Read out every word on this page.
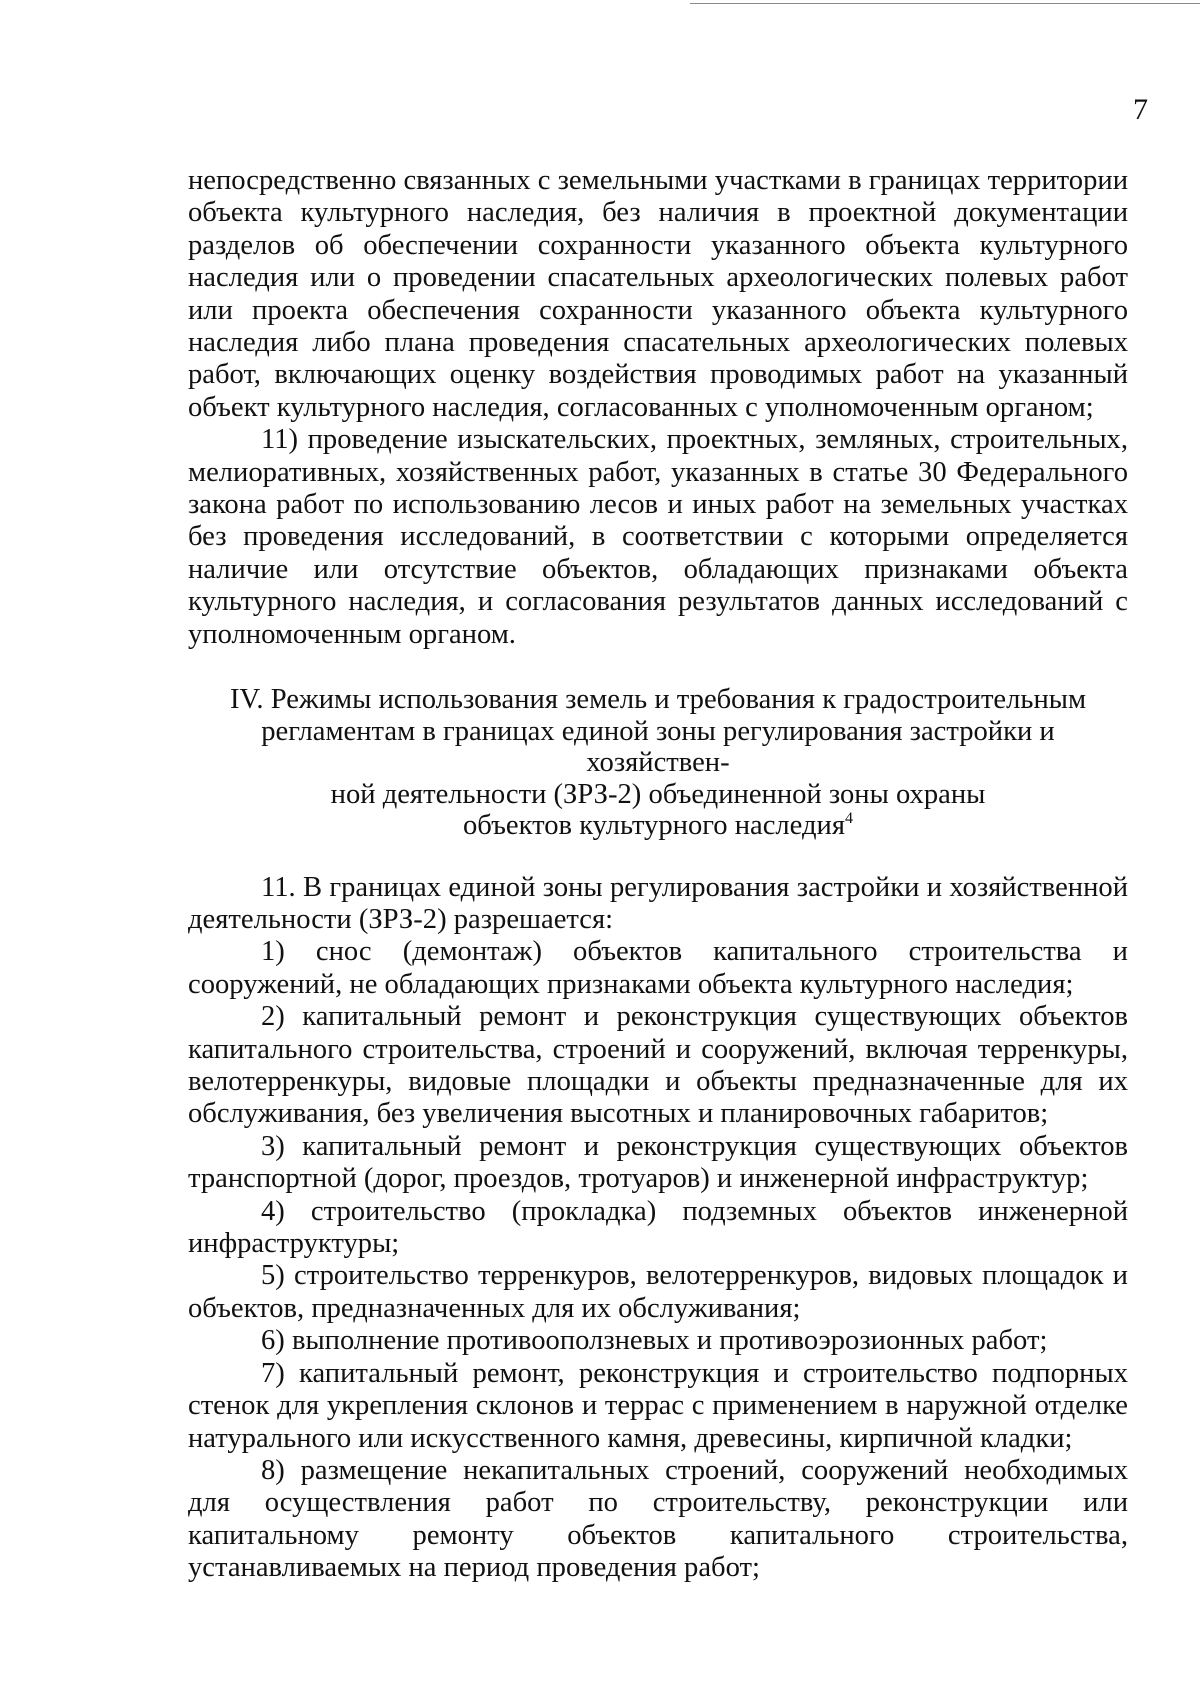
7

непосредственно связанных с земельными участками в границах территории объекта культурного наследия, без наличия в проектной документации разделов об обеспечении сохранности указанного объекта культурного наследия или о проведении спасательных археологических полевых работ или проекта обеспечения сохранности указанного объекта культурного наследия либо плана проведения спасательных археологических полевых работ, включающих оценку воздействия проводимых работ на указанный объект культурного наследия, согласованных с уполномоченным органом;

11) проведение изыскательских, проектных, земляных, строительных, мелиоративных, хозяйственных работ, указанных в статье 30 Федерального закона работ по использованию лесов и иных работ на земельных участках без проведения исследований, в соответствии с которыми определяется наличие или отсутствие объектов, обладающих признаками объекта культурного наследия, и согласования результатов данных исследований с уполномоченным органом.

IV. Режимы использования земель и требования к градостроительным
регламентам в границах единой зоны регулирования застройки и хозяйствен-
ной деятельности (ЗРЗ-2) объединенной зоны охраны
объектов культурного наследия$^4$

11. В границах единой зоны регулирования застройки и хозяйственной деятельности (ЗРЗ-2) разрешается:

1) снос (демонтаж) объектов капитального строительства и сооружений, не обладающих признаками объекта культурного наследия;

2) капитальный ремонт и реконструкция существующих объектов капитального строительства, строений и сооружений, включая терренкуры, велотерренкуры, видовые площадки и объекты предназначенные для их обслуживания, без увеличения высотных и планировочных габаритов;

3) капитальный ремонт и реконструкция существующих объектов транспортной (дорог, проездов, тротуаров) и инженерной инфраструктур;

4) строительство (прокладка) подземных объектов инженерной инфраструктуры;

5) строительство терренкуров, велотерренкуров, видовых площадок и объектов, предназначенных для их обслуживания;

6) выполнение противооползневых и противоэрозионных работ;

7) капитальный ремонт, реконструкция и строительство подпорных стенок для укрепления склонов и террас с применением в наружной отделке натурального или искусственного камня, древесины, кирпичной кладки;

8) размещение некапитальных строений, сооружений необходимых для осуществления работ по строительству, реконструкции или капитальному ремонту объектов капитального строительства, устанавливаемых на период проведения работ;
